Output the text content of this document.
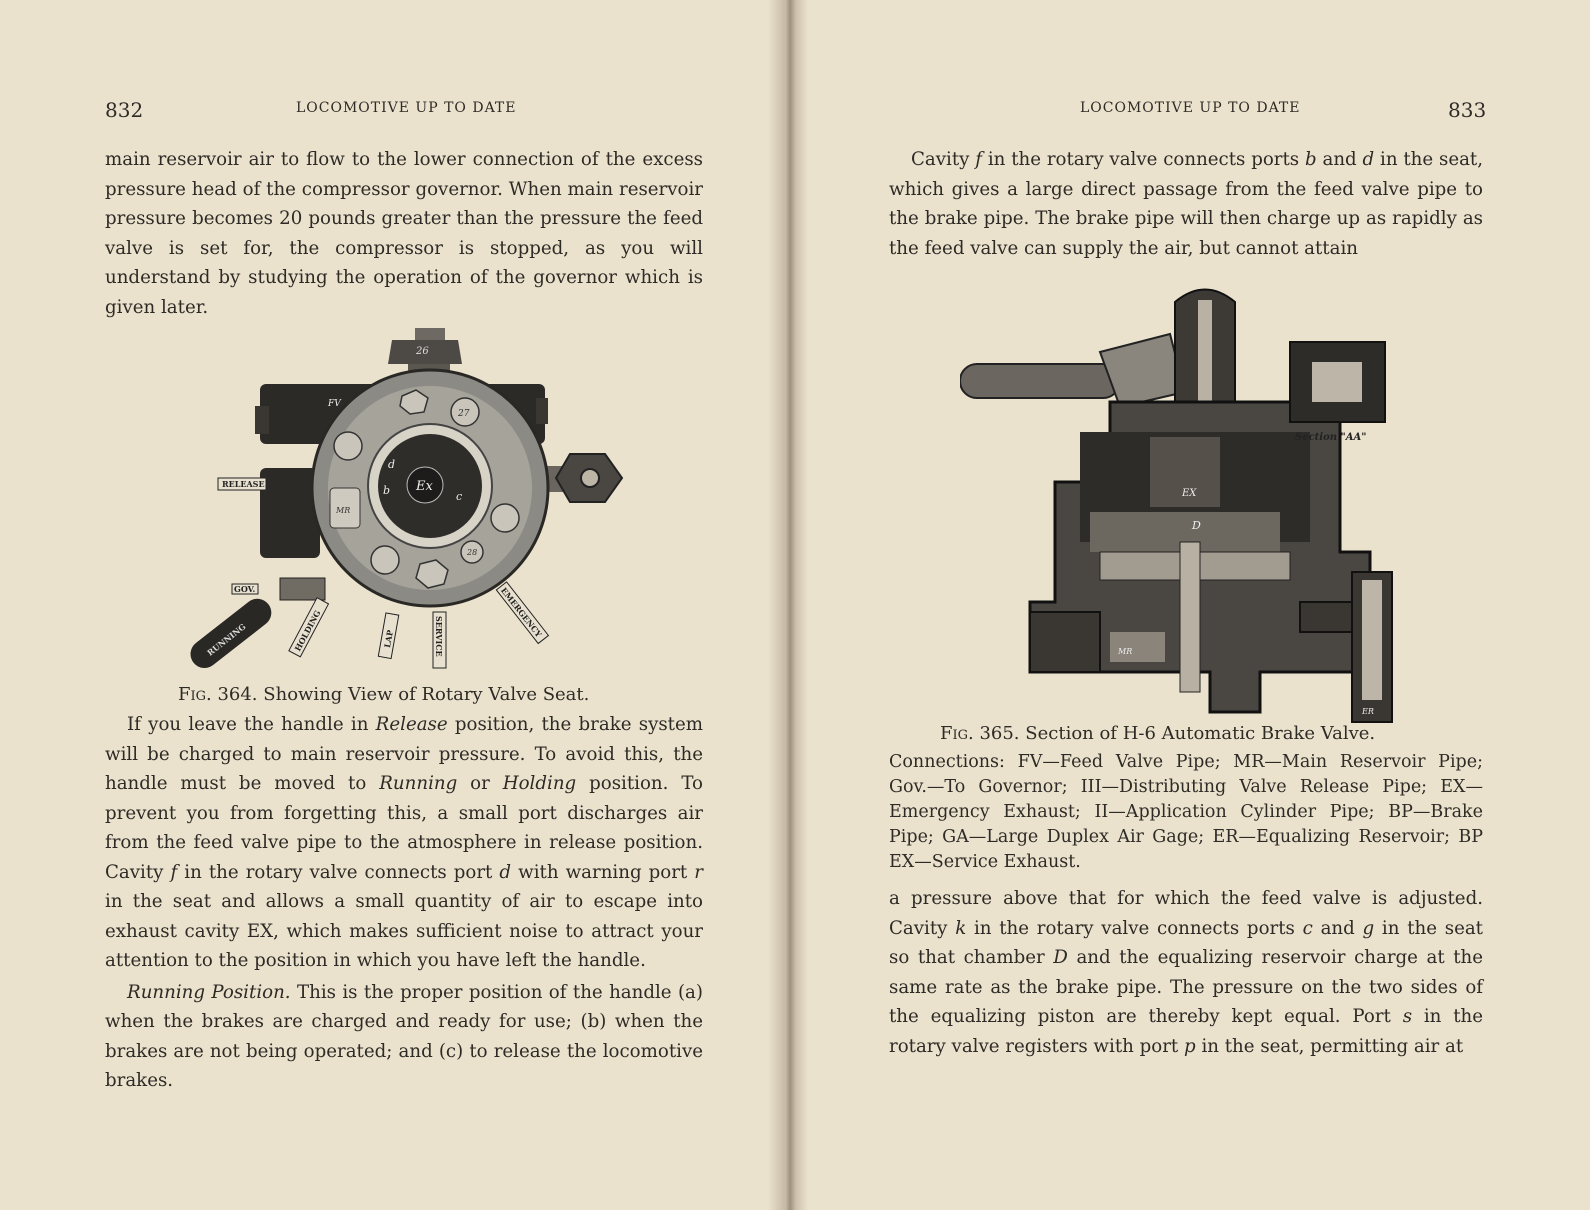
832	LOCOMOTIVE UP TO DATE

main reservoir air to flow to the lower connection of the excess pressure head of the compressor governor. When main reservoir pressure becomes 20 pounds greater than the pressure the feed valve is set for, the compressor is stopped, as you will understand by studying the operation of the governor which is given later.

26
27
28
Ex
d
b	c
MR
FV
RELEASE
GOV.
RUNNING	HOLDING	LAP	SERVICE	EMERGENCY
Fig. 364. Showing View of Rotary Valve Seat.

If you leave the handle in Release position, the brake system will be charged to main reservoir pressure. To avoid this, the handle must be moved to Running or Holding position. To prevent you from forgetting this, a small port discharges air from the feed valve pipe to the atmosphere in release position. Cavity f in the rotary valve connects port d with warning port r in the seat and allows a small quantity of air to escape into exhaust cavity EX, which makes sufficient noise to attract your attention to the position in which you have left the handle.

Running Position. This is the proper position of the handle (a) when the brakes are charged and ready for use; (b) when the brakes are not being operated; and (c) to release the locomotive brakes.

LOCOMOTIVE UP TO DATE	833

Cavity f in the rotary valve connects ports b and d in the seat, which gives a large direct passage from the feed valve pipe to the brake pipe. The brake pipe will then charge up as rapidly as the feed valve can supply the air, but cannot attain

EX
D
MR
ER
Section "AA"
Fig. 365. Section of H-6 Automatic Brake Valve.
Connections: FV—Feed Valve Pipe; MR—Main Reservoir Pipe; Gov.—To Governor; III—Distributing Valve Release Pipe; EX—Emergency Exhaust; II—Application Cylinder Pipe; BP—Brake Pipe; GA—Large Duplex Air Gage; ER—Equalizing Reservoir; BP EX—Service Exhaust.

a pressure above that for which the feed valve is adjusted. Cavity k in the rotary valve connects ports c and g in the seat so that chamber D and the equalizing reservoir charge at the same rate as the brake pipe. The pressure on the two sides of the equalizing piston are thereby kept equal. Port s in the rotary valve registers with port p in the seat, permitting air at
